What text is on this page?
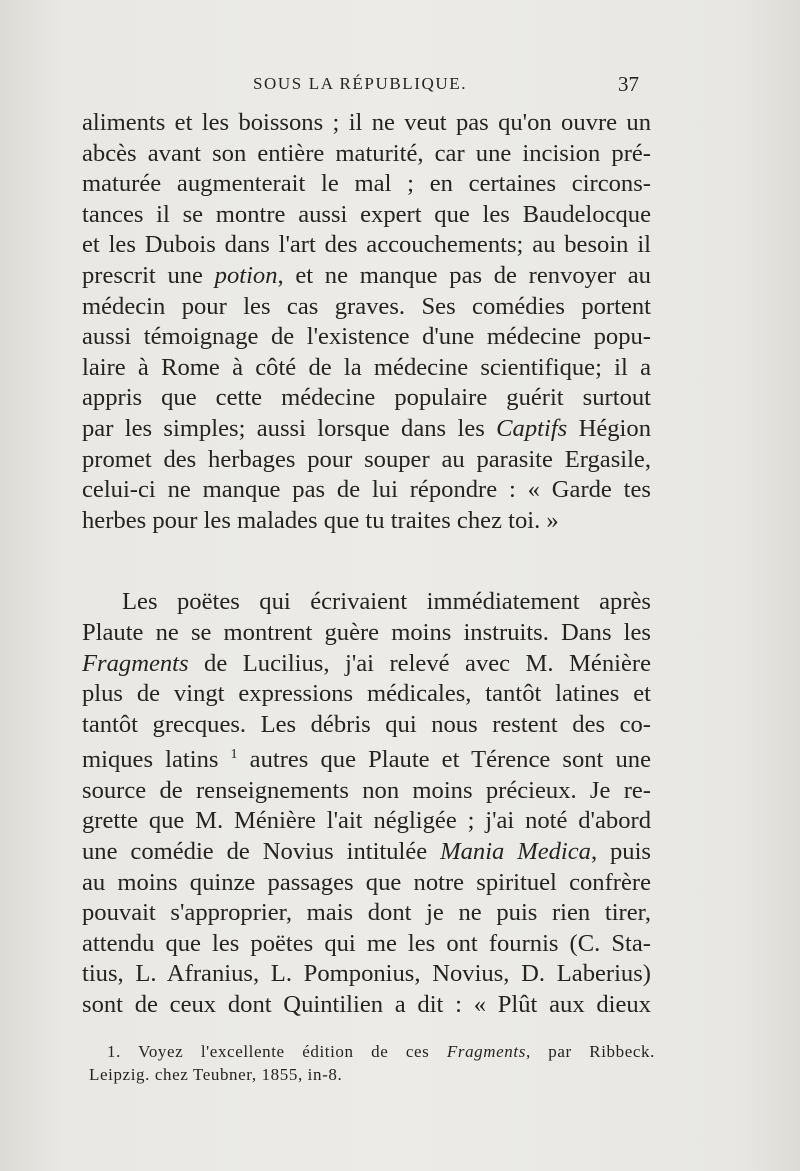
SOUS LA RÉPUBLIQUE.	37
aliments et les boissons ; il ne veut pas qu'on ouvre un
abcès avant son entière maturité, car une incision pré-
maturée augmenterait le mal ; en certaines circons-
tances il se montre aussi expert que les Baudelocque
et les Dubois dans l'art des accouchements; au besoin il
prescrit une potion, et ne manque pas de renvoyer au
médecin pour les cas graves. Ses comédies portent
aussi témoignage de l'existence d'une médecine popu-
laire à Rome à côté de la médecine scientifique; il a
appris que cette médecine populaire guérit surtout
par les simples; aussi lorsque dans les Captifs Hégion
promet des herbages pour souper au parasite Ergasile,
celui-ci ne manque pas de lui répondre : « Garde tes
herbes pour les malades que tu traites chez toi. »
Les poëtes qui écrivaient immédiatement après
Plaute ne se montrent guère moins instruits. Dans les
Fragments de Lucilius, j'ai relevé avec M. Ménière
plus de vingt expressions médicales, tantôt latines et
tantôt grecques. Les débris qui nous restent des co-
miques latins $^1$ autres que Plaute et Térence sont une
source de renseignements non moins précieux. Je re-
grette que M. Ménière l'ait négligée ; j'ai noté d'abord
une comédie de Novius intitulée Mania Medica, puis
au moins quinze passages que notre spirituel confrère
pouvait s'approprier, mais dont je ne puis rien tirer,
attendu que les poëtes qui me les ont fournis (C. Sta-
tius, L. Afranius, L. Pomponius, Novius, D. Laberius)
sont de ceux dont Quintilien a dit : « Plût aux dieux
1. Voyez l'excellente édition de ces Fragments, par Ribbeck.
Leipzig. chez Teubner, 1855, in-8.
